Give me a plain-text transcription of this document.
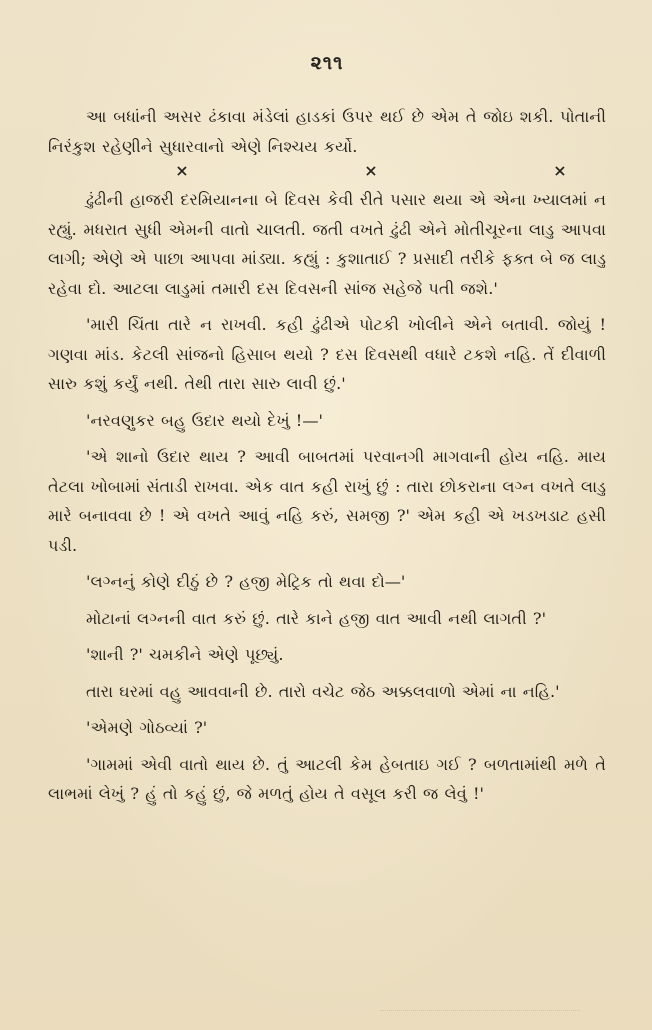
૨૧૧

આ બધાંની અસર ઢંકાવા મંડેલાં હાડકાં ઉપર થઈ છે એમ તે જોઇ શકી. પોતાની નિરંકુશ રહેણીને સુધારવાનો એણે નિશ્ચય કર્યો.

×	×	×

ઢુંઢીની હાજરી દરમિયાનના બે દિવસ કેવી રીતે પસાર થયા એ એના ખ્યાલમાં ન રહ્યું. મધરાત સુધી એમની વાતો ચાલતી. જતી વખતે ઢુંઢી એને મોતીચૂરના લાડુ આપવા લાગી; એણે એ પાછા આપવા માંડ્યા. કહ્યું : કુશાતાઈ ? પ્રસાદી તરીકે ફક્ત બે જ લાડુ રહેવા દો. આટલા લાડુમાં તમારી દસ દિવસની સાંજ સહેજે પતી જશે.'

'મારી ચિંતા તારે ન રાખવી. કહી ઢુંઢીએ પોટકી ખોલીને એને બતાવી. જોયું ! ગણવા માંડ. કેટલી સાંજનો હિસાબ થયો ? દસ દિવસથી વધારે ટકશે નહિ. તેં દીવાળી સારુ કશું કર્યું નથી. તેથી તારા સારુ લાવી છું.'

'નરવણુકર બહુ ઉદાર થયો દેખું !—'

'એ શાનો ઉદાર થાય ? આવી બાબતમાં પરવાનગી માગવાની હોય નહિ. માય તેટલા ખોબામાં સંતાડી રાખવા. એક વાત કહી રાખું છું : તારા છોકરાના લગ્ન વખતે લાડુ મારે બનાવવા છે ! એ વખતે આવું નહિ કરું, સમજી ?' એમ કહી એ ખડખડાટ હસી પડી.

'લગ્નનું કોણે દીઠું છે ? હજી મેટ્રિક તો થવા દો—'

મોટાનાં લગ્નની વાત કરું છું. તારે કાને હજી વાત આવી નથી લાગતી ?'

'શાની ?' ચમકીને એણે પૂછ્યું.

તારા ઘરમાં વહુ આવવાની છે. તારો વચેટ જેઠ અક્કલવાળો એમાં ના નહિ.'

'એમણે ગોઠવ્યાં ?'

'ગામમાં એવી વાતો થાય છે. તું આટલી કેમ હેબતાઇ ગઈ ? બળતામાંથી મળે તે લાભમાં લેખું ? હું તો કહું છું, જે મળતું હોય તે વસૂલ કરી જ લેવું !'
